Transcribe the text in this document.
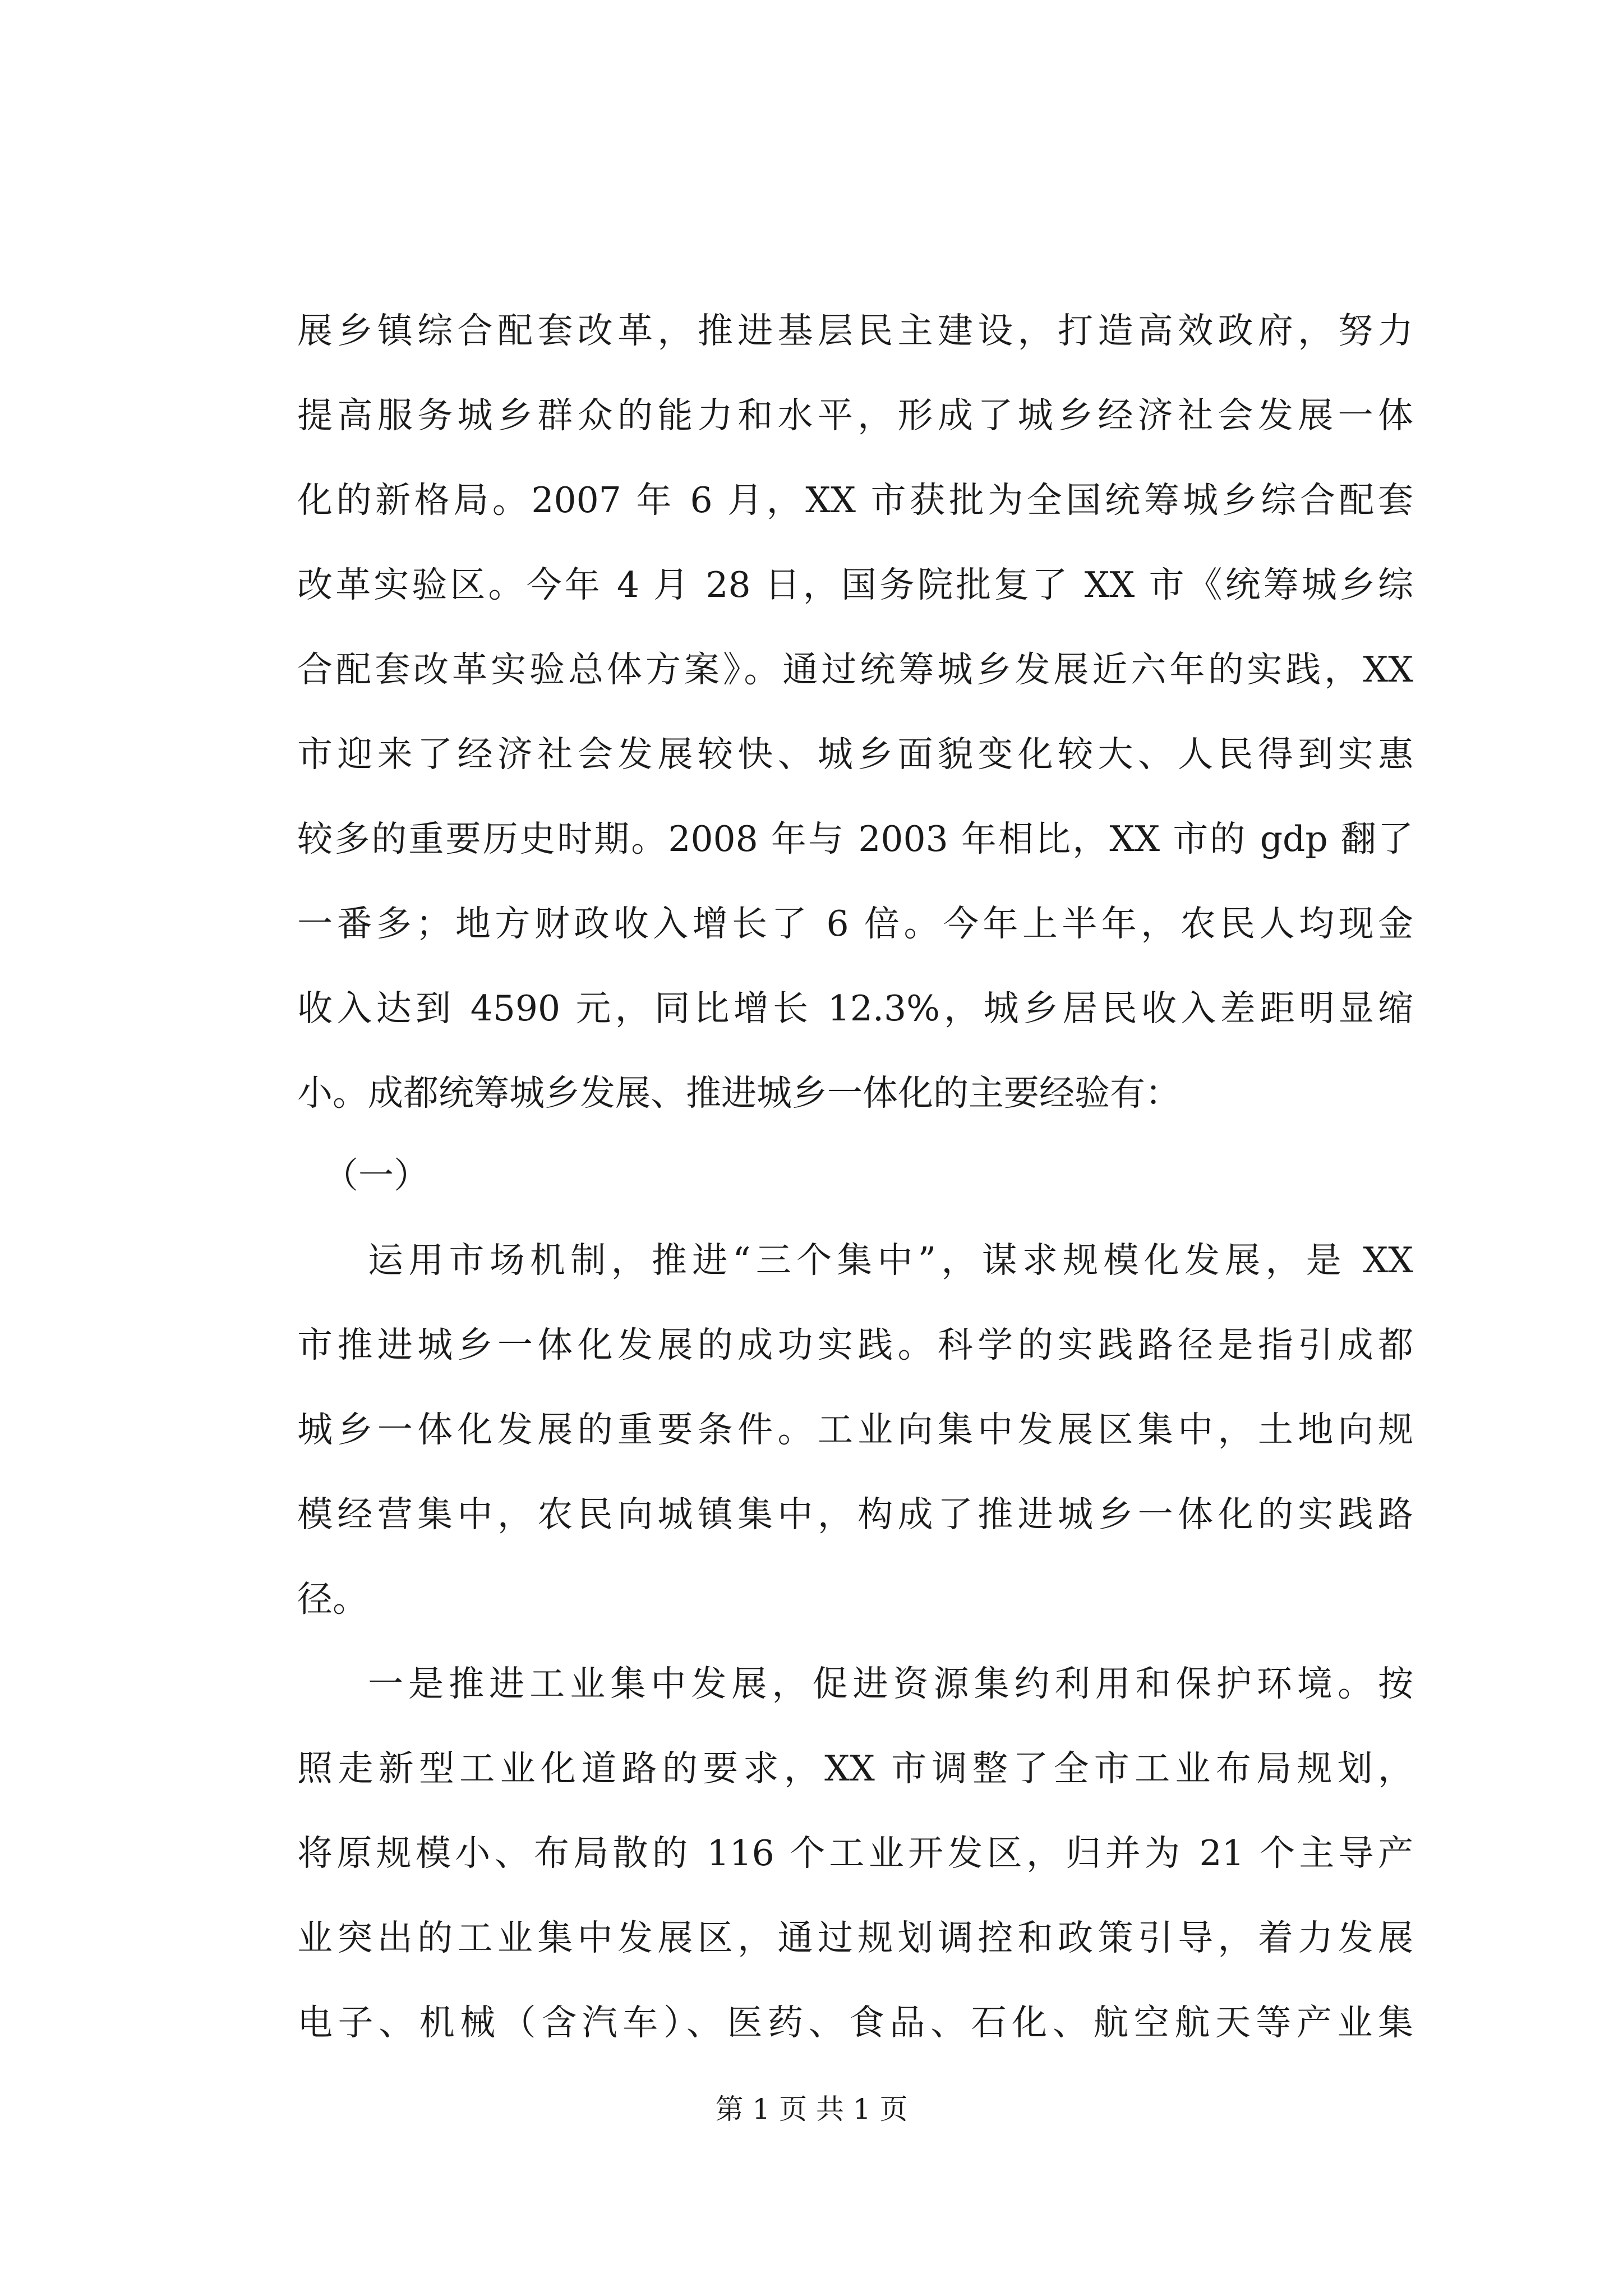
展乡镇综合配套改革，推进基层民主建设，打造高效政府，努力
提高服务城乡群众的能力和水平，形成了城乡经济社会发展一体
化的新格局。2007 年 6 月，XX 市获批为全国统筹城乡综合配套
改革实验区。今年 4 月 28 日，国务院批复了 XX 市《统筹城乡综
合配套改革实验总体方案》。通过统筹城乡发展近六年的实践，XX
市迎来了经济社会发展较快、城乡面貌变化较大、人民得到实惠
较多的重要历史时期。2008 年与 2003 年相比，XX 市的 gdp 翻了
一番多；地方财政收入增长了 6 倍。今年上半年，农民人均现金
收入达到 4590 元，同比增长 12.3%，城乡居民收入差距明显缩
小。成都统筹城乡发展、推进城乡一体化的主要经验有：
（一）
运用市场机制，推进“三个集中”，谋求规模化发展，是 XX
市推进城乡一体化发展的成功实践。科学的实践路径是指引成都
城乡一体化发展的重要条件。工业向集中发展区集中，土地向规
模经营集中，农民向城镇集中，构成了推进城乡一体化的实践路
径。
一是推进工业集中发展，促进资源集约利用和保护环境。按
照走新型工业化道路的要求，XX 市调整了全市工业布局规划，
将原规模小、布局散的 116 个工业开发区，归并为 21 个主导产
业突出的工业集中发展区，通过规划调控和政策引导，着力发展
电子、机械（含汽车）、医药、食品、石化、航空航天等产业集
第 1 页 共 1 页
